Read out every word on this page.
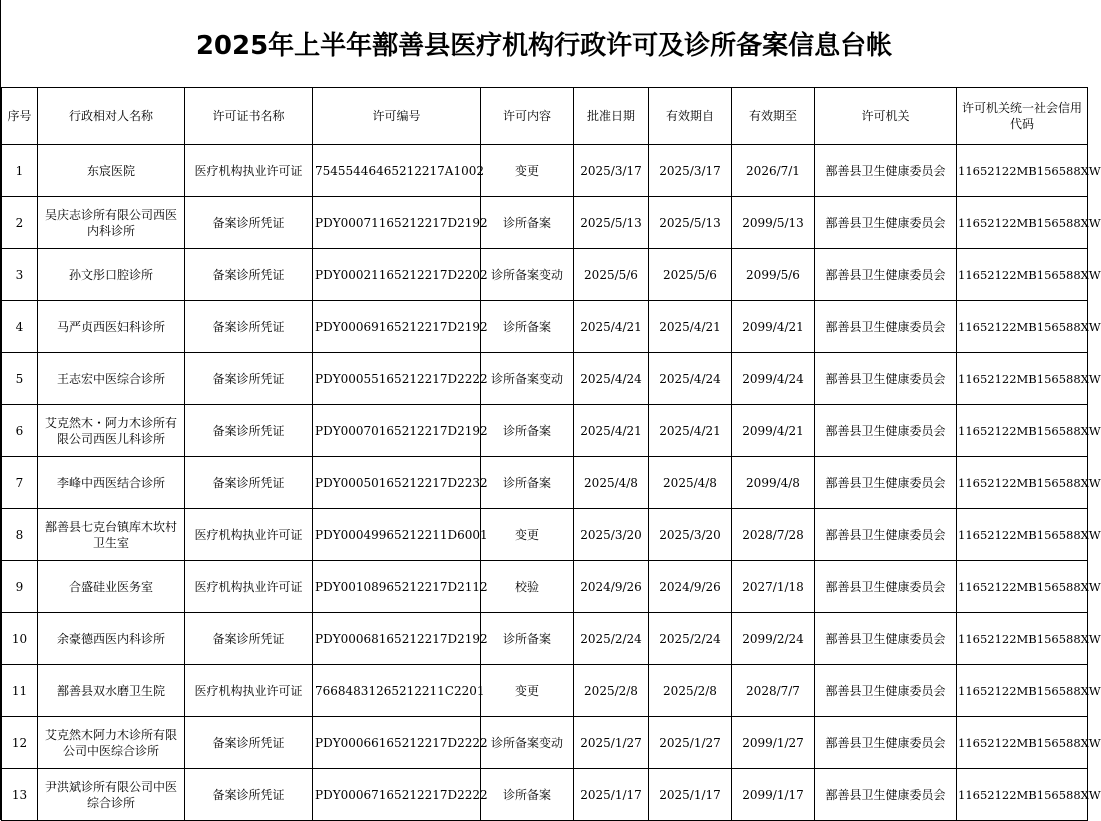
2025年上半年鄯善县医疗机构行政许可及诊所备案信息台帐
序号	行政相对人名称	许可证书名称	许可编号	许可内容	批准日期	有效期自	有效期至	许可机关	许可机关统一社会信用代码
1	东宸医院	医疗机构执业许可证	75455446465212217A1002	变更	2025/3/17	2025/3/17	2026/7/1	鄯善县卫生健康委员会	11652122MB156588XW
2	吴庆志诊所有限公司西医内科诊所	备案诊所凭证	PDY00071165212217D2192	诊所备案	2025/5/13	2025/5/13	2099/5/13	鄯善县卫生健康委员会	11652122MB156588XW
3	孙文彤口腔诊所	备案诊所凭证	PDY00021165212217D2202	诊所备案变动	2025/5/6	2025/5/6	2099/5/6	鄯善县卫生健康委员会	11652122MB156588XW
4	马严贞西医妇科诊所	备案诊所凭证	PDY00069165212217D2192	诊所备案	2025/4/21	2025/4/21	2099/4/21	鄯善县卫生健康委员会	11652122MB156588XW
5	王志宏中医综合诊所	备案诊所凭证	PDY00055165212217D2222	诊所备案变动	2025/4/24	2025/4/24	2099/4/24	鄯善县卫生健康委员会	11652122MB156588XW
6	艾克然木・阿力木诊所有限公司西医儿科诊所	备案诊所凭证	PDY00070165212217D2192	诊所备案	2025/4/21	2025/4/21	2099/4/21	鄯善县卫生健康委员会	11652122MB156588XW
7	李峰中西医结合诊所	备案诊所凭证	PDY00050165212217D2232	诊所备案	2025/4/8	2025/4/8	2099/4/8	鄯善县卫生健康委员会	11652122MB156588XW
8	鄯善县七克台镇库木坎村卫生室	医疗机构执业许可证	PDY00049965212211D6001	变更	2025/3/20	2025/3/20	2028/7/28	鄯善县卫生健康委员会	11652122MB156588XW
9	合盛硅业医务室	医疗机构执业许可证	PDY00108965212217D2112	校验	2024/9/26	2024/9/26	2027/1/18	鄯善县卫生健康委员会	11652122MB156588XW
10	余豪德西医内科诊所	备案诊所凭证	PDY00068165212217D2192	诊所备案	2025/2/24	2025/2/24	2099/2/24	鄯善县卫生健康委员会	11652122MB156588XW
11	鄯善县双水磨卫生院	医疗机构执业许可证	76684831265212211C2201	变更	2025/2/8	2025/2/8	2028/7/7	鄯善县卫生健康委员会	11652122MB156588XW
12	艾克然木阿力木诊所有限公司中医综合诊所	备案诊所凭证	PDY00066165212217D2222	诊所备案变动	2025/1/27	2025/1/27	2099/1/27	鄯善县卫生健康委员会	11652122MB156588XW
13	尹洪斌诊所有限公司中医综合诊所	备案诊所凭证	PDY00067165212217D2222	诊所备案	2025/1/17	2025/1/17	2099/1/17	鄯善县卫生健康委员会	11652122MB156588XW
